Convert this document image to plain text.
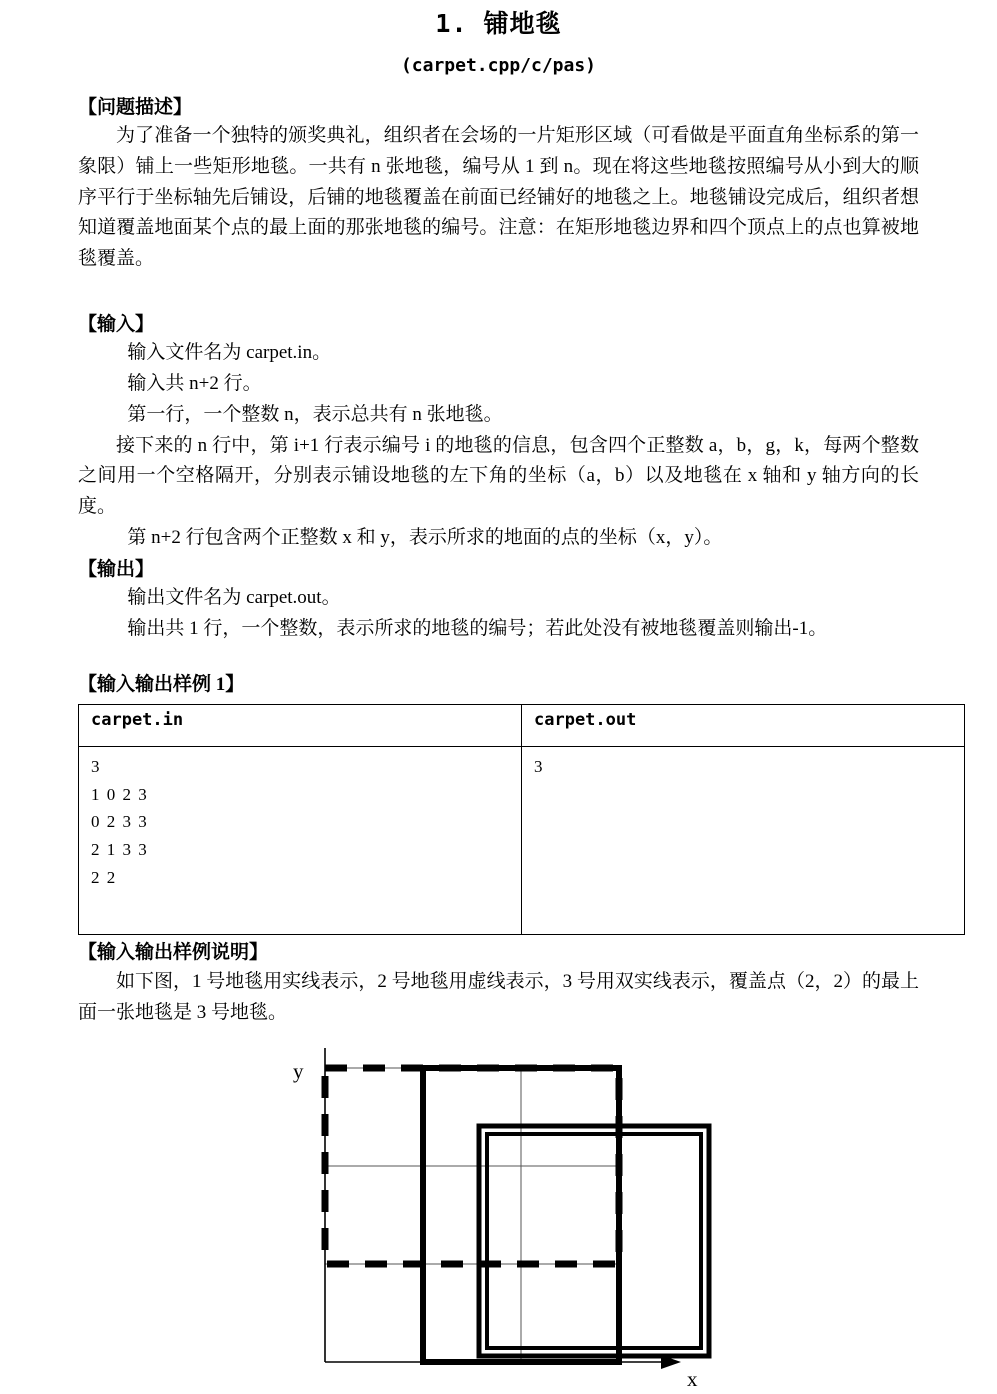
1. 铺地毯
(carpet.cpp/c/pas)
【问题描述】
为了准备一个独特的颁奖典礼，组织者在会场的一片矩形区域（可看做是平面直角坐标系的第一象限）铺上一些矩形地毯。一共有 n 张地毯，编号从 1 到 n。现在将这些地毯按照编号从小到大的顺序平行于坐标轴先后铺设，后铺的地毯覆盖在前面已经铺好的地毯之上。地毯铺设完成后，组织者想知道覆盖地面某个点的最上面的那张地毯的编号。注意：在矩形地毯边界和四个顶点上的点也算被地毯覆盖。
【输入】
输入文件名为 carpet.in。
输入共 n+2 行。
第一行，一个整数 n，表示总共有 n 张地毯。
接下来的 n 行中，第 i+1 行表示编号 i 的地毯的信息，包含四个正整数 a，b，g，k，每两个整数之间用一个空格隔开，分别表示铺设地毯的左下角的坐标（a，b）以及地毯在 x 轴和 y 轴方向的长度。
第 n+2 行包含两个正整数 x 和 y，表示所求的地面的点的坐标（x，y）。
【输出】
输出文件名为 carpet.out。
输出共 1 行，一个整数，表示所求的地毯的编号；若此处没有被地毯覆盖则输出-1。
【输入输出样例 1】
carpet.in	carpet.out

3
1 0 2 3
0 2 3 3
2 1 3 3
2 2	3
【输入输出样例说明】
如下图，1 号地毯用实线表示，2 号地毯用虚线表示，3 号用双实线表示，覆盖点（2，2）的最上面一张地毯是 3 号地毯。
y
x
